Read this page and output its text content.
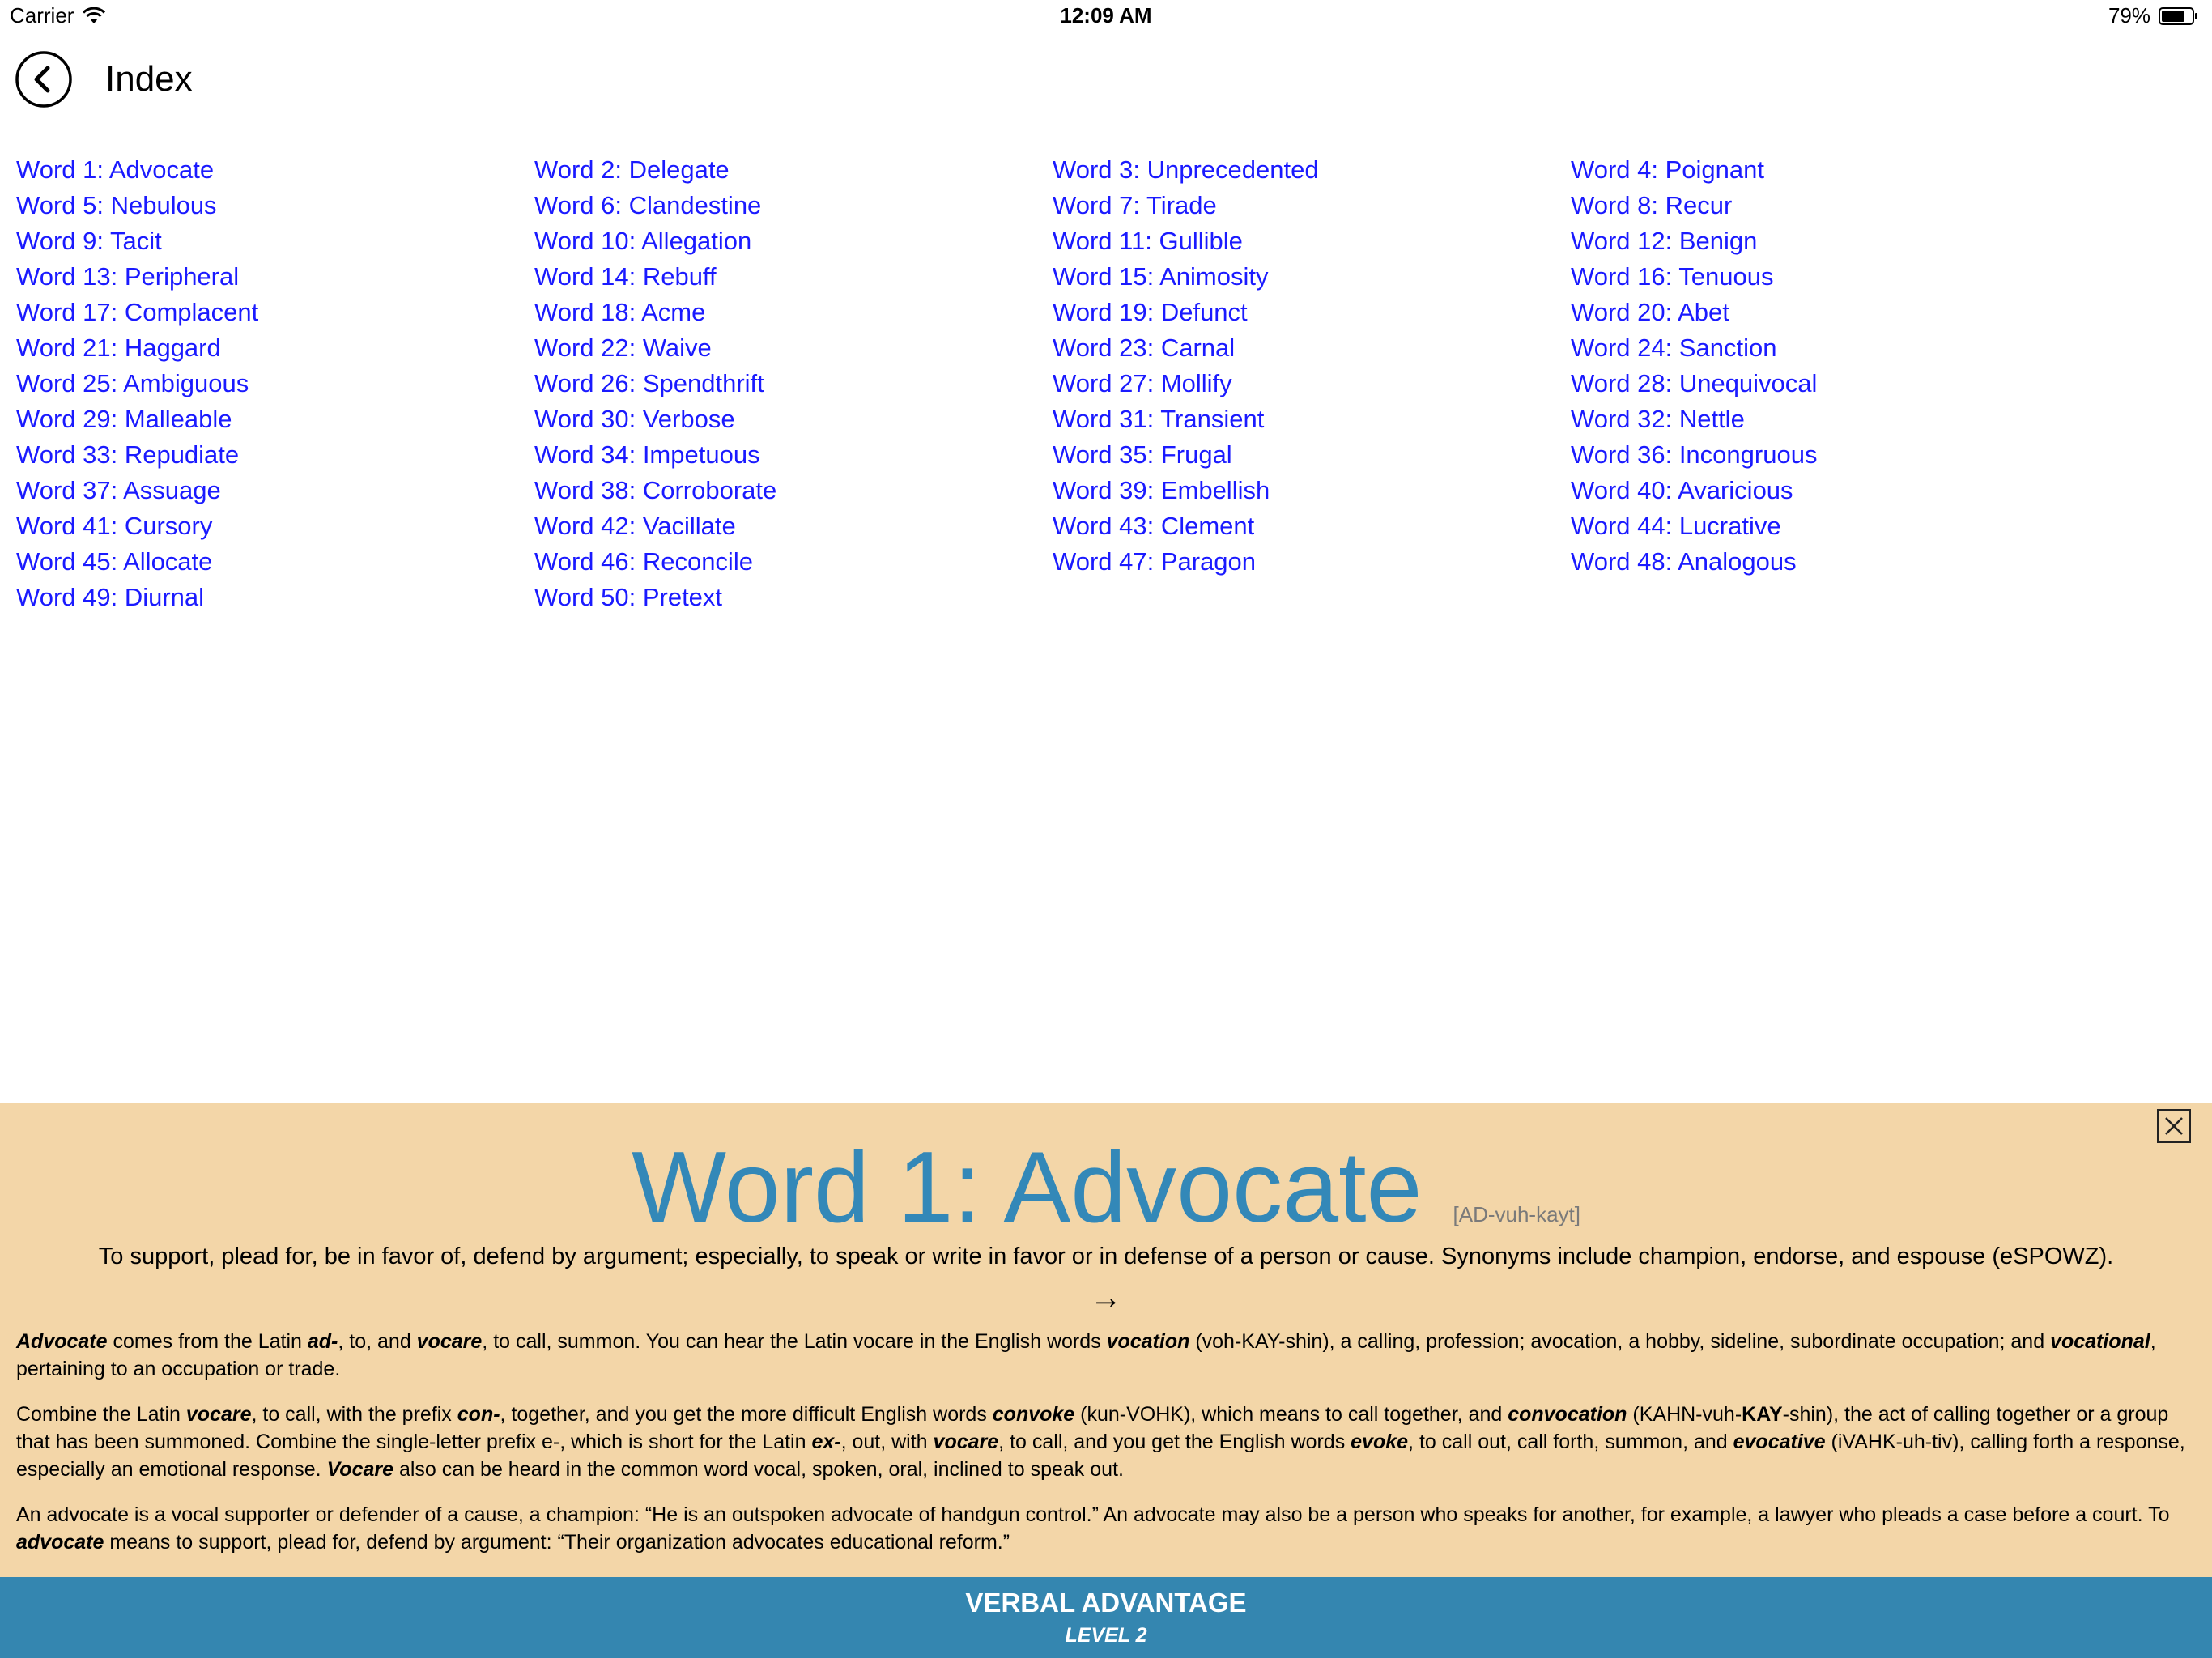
Carrier	12:09 AM	79%
Index
Word 1: Advocate	Word 2: Delegate	Word 3: Unprecedented	Word 4: Poignant
Word 5: Nebulous	Word 6: Clandestine	Word 7: Tirade	Word 8: Recur
Word 9: Tacit	Word 10: Allegation	Word 11: Gullible	Word 12: Benign
Word 13: Peripheral	Word 14: Rebuff	Word 15: Animosity	Word 16: Tenuous
Word 17: Complacent	Word 18: Acme	Word 19: Defunct	Word 20: Abet
Word 21: Haggard	Word 22: Waive	Word 23: Carnal	Word 24: Sanction
Word 25: Ambiguous	Word 26: Spendthrift	Word 27: Mollify	Word 28: Unequivocal
Word 29: Malleable	Word 30: Verbose	Word 31: Transient	Word 32: Nettle
Word 33: Repudiate	Word 34: Impetuous	Word 35: Frugal	Word 36: Incongruous
Word 37: Assuage	Word 38: Corroborate	Word 39: Embellish	Word 40: Avaricious
Word 41: Cursory	Word 42: Vacillate	Word 43: Clement	Word 44: Lucrative
Word 45: Allocate	Word 46: Reconcile	Word 47: Paragon	Word 48: Analogous
Word 49: Diurnal	Word 50: Pretext
Word 1: Advocate [AD-vuh-kayt]
To support, plead for, be in favor of, defend by argument; especially, to speak or write in favor or in defense of a person or cause. Synonyms include champion, endorse, and espouse (eSPOWZ).
→

Advocate comes from the Latin ad-, to, and vocare, to call, summon. You can hear the Latin vocare in the English words vocation (voh-KAY-shin), a calling, profession; avocation, a hobby, sideline, subordinate occupation; and vocational, pertaining to an occupation or trade.

Combine the Latin vocare, to call, with the prefix con-, together, and you get the more difficult English words convoke (kun-VOHK), which means to call together, and convocation (KAHN-vuh-KAY-shin), the act of calling together or a group that has been summoned. Combine the single-letter prefix e-, which is short for the Latin ex-, out, with vocare, to call, and you get the English words evoke, to call out, call forth, summon, and evocative (iVAHK-uh-tiv), calling forth a response, especially an emotional response. Vocare also can be heard in the common word vocal, spoken, oral, inclined to speak out.

An advocate is a vocal supporter or defender of a cause, a champion: “He is an outspoken advocate of handgun control.” An advocate may also be a person who speaks for another, for example, a lawyer who pleads a case before a court. To advocate means to support, plead for, defend by argument: “Their organization advocates educational reform.”

VERBAL ADVANTAGE
LEVEL 2
